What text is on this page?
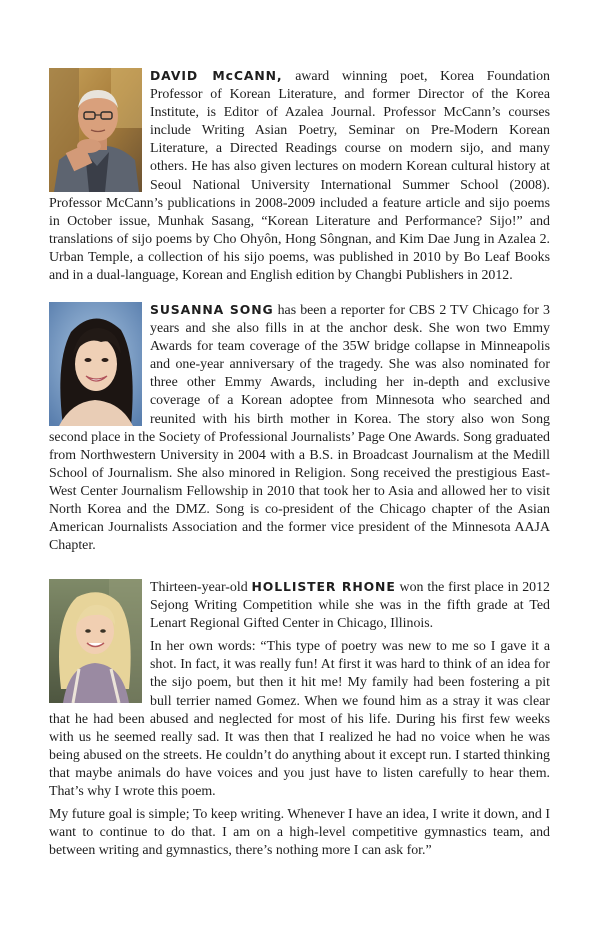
DAVID McCANN, award winning poet, Korea Foundation Professor of Korean Literature, and former Director of the Korea Institute, is Editor of Azalea Journal. Professor McCann’s courses include Writing Asian Poetry, Seminar on Pre-Modern Korean Literature, a Directed Readings course on modern sijo, and many others. He has also given lectures on modern Korean cultural history at Seoul National University International Summer School (2008). Professor McCann’s publications in 2008-2009 included a feature article and sijo poems in October issue, Munhak Sasang, “Korean Literature and Performance? Sijo!” and translations of sijo poems by Cho Ohyôn, Hong Sôngnan, and Kim Dae Jung in Azalea 2. Urban Temple, a collection of his sijo poems, was published in 2010 by Bo Leaf Books and in a dual-language, Korean and English edition by Changbi Publishers in 2012.

SUSANNA SONG has been a reporter for CBS 2 TV Chicago for 3 years and she also fills in at the anchor desk. She won two Emmy Awards for team coverage of the 35W bridge collapse in Minneapolis and one-year anniversary of the tragedy. She was also nominated for three other Emmy Awards, including her in-depth and exclusive coverage of a Korean adoptee from Minnesota who searched and reunited with his birth mother in Korea. The story also won Song second place in the Society of Professional Journalists’ Page One Awards. Song graduated from Northwestern University in 2004 with a B.S. in Broadcast Journalism at the Medill School of Journalism. She also minored in Religion. Song received the prestigious East-West Center Journalism Fellowship in 2010 that took her to Asia and allowed her to visit North Korea and the DMZ. Song is co-president of the Chicago chapter of the Asian American Journalists Association and the former vice president of the Minnesota AAJA Chapter.

Thirteen-year-old HOLLISTER RHONE won the first place in 2012 Sejong Writing Competition while she was in the fifth grade at Ted Lenart Regional Gifted Center in Chicago, Illinois.

In her own words: “This type of poetry was new to me so I gave it a shot. In fact, it was really fun! At first it was hard to think of an idea for the sijo poem, but then it hit me! My family had been fostering a pit bull terrier named Gomez. When we found him as a stray it was clear that he had been abused and neglected for most of his life. During his first few weeks with us he seemed really sad. It was then that I realized he had no voice when he was being abused on the streets. He couldn’t do anything about it except run. I started thinking that maybe animals do have voices and you just have to listen carefully to hear them. That’s why I wrote this poem.

My future goal is simple; To keep writing. Whenever I have an idea, I write it down, and I want to continue to do that. I am on a high-level competitive gymnastics team, and between writing and gymnastics, there’s nothing more I can ask for.”
